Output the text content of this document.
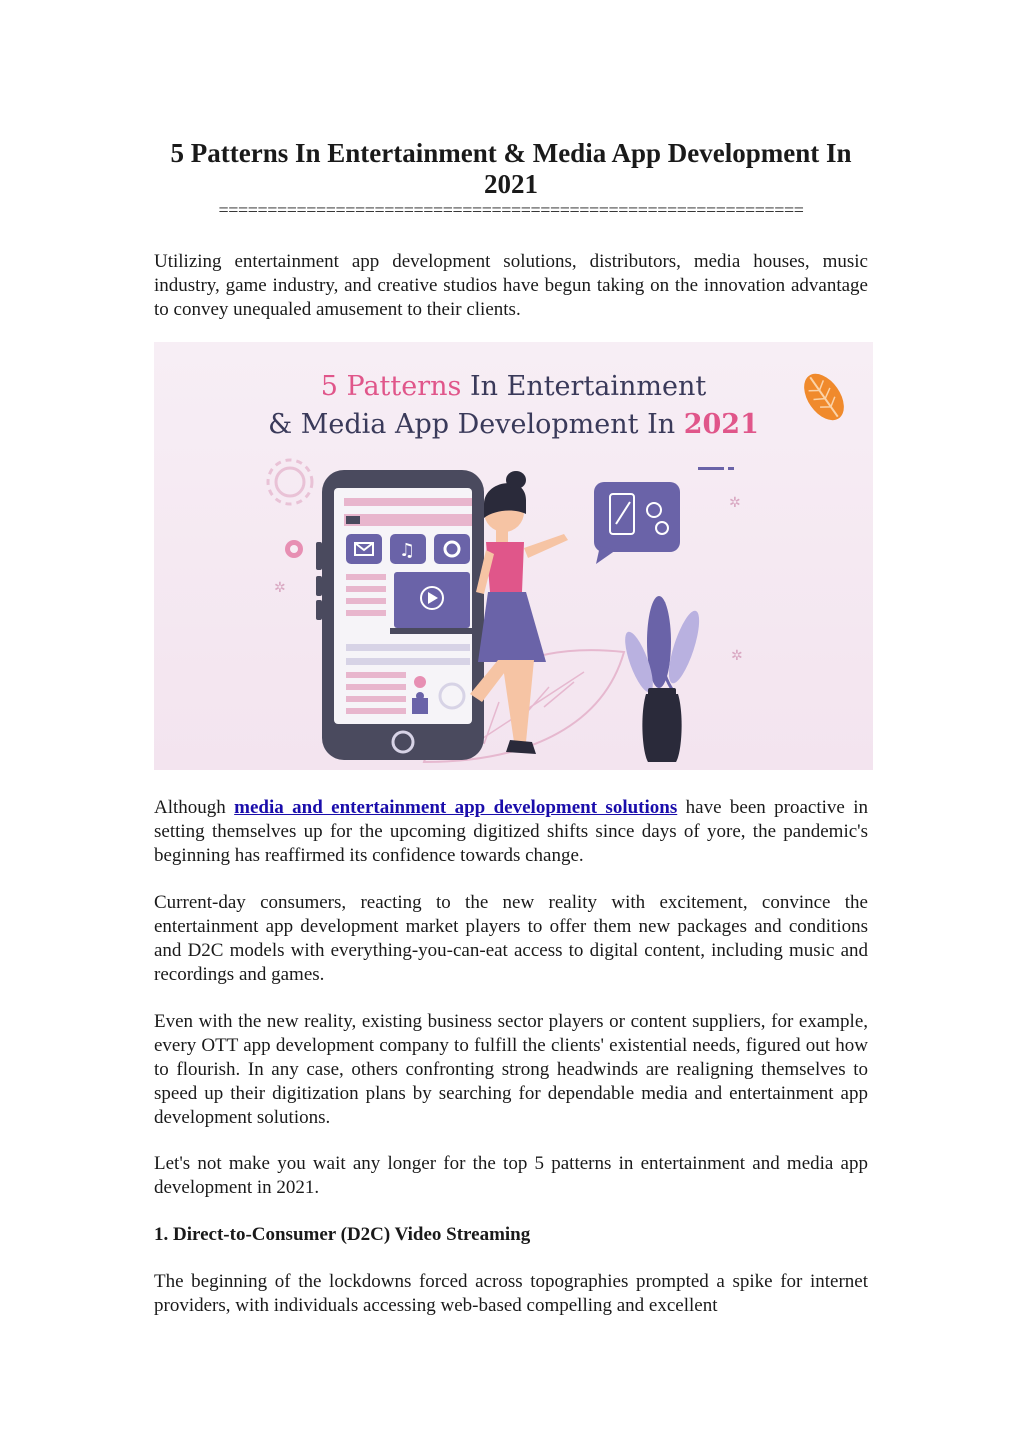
5 Patterns In Entertainment & Media App Development In 2021
============================================================

Utilizing entertainment app development solutions, distributors, media houses, music industry, game industry, and creative studios have begun taking on the innovation advantage to convey unequaled amusement to their clients.

5 Patterns In Entertainment
& Media App Development In 2021
✲
✲
✲
♫

Although media and entertainment app development solutions have been proactive in setting themselves up for the upcoming digitized shifts since days of yore, the pandemic's beginning has reaffirmed its confidence towards change.

Current-day consumers, reacting to the new reality with excitement, convince the entertainment app development market players to offer them new packages and conditions and D2C models with everything-you-can-eat access to digital content, including music and recordings and games.

Even with the new reality, existing business sector players or content suppliers, for example, every OTT app development company to fulfill the clients' existential needs, figured out how to flourish. In any case, others confronting strong headwinds are realigning themselves to speed up their digitization plans by searching for dependable media and entertainment app development solutions.

Let's not make you wait any longer for the top 5 patterns in entertainment and media app development in 2021.

1. Direct-to-Consumer (D2C) Video Streaming

The beginning of the lockdowns forced across topographies prompted a spike for internet providers, with individuals accessing web-based compelling and excellent
